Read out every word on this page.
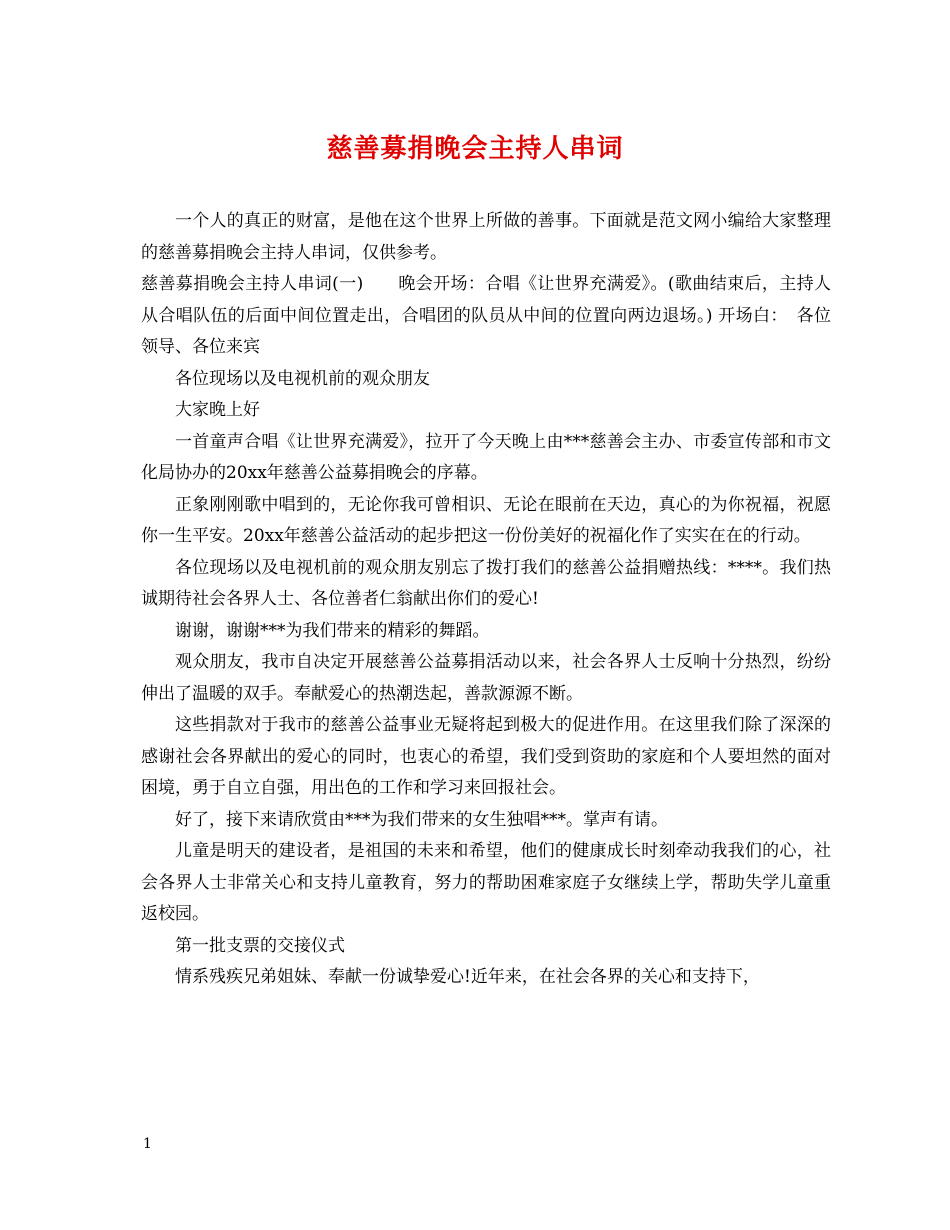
慈善募捐晚会主持人串词

一个人的真正的财富，是他在这个世界上所做的善事。下面就是范文网小编给大家整理的慈善募捐晚会主持人串词，仅供参考。

慈善募捐晚会主持人串词(一)　　晚会开场：合唱《让世界充满爱》。(歌曲结束后，主持人从合唱队伍的后面中间位置走出，合唱团的队员从中间的位置向两边退场。) 开场白：　各位领导、各位来宾

各位现场以及电视机前的观众朋友

大家晚上好

一首童声合唱《让世界充满爱》，拉开了今天晚上由***慈善会主办、市委宣传部和市文化局协办的20xx年慈善公益募捐晚会的序幕。

正象刚刚歌中唱到的，无论你我可曾相识、无论在眼前在天边，真心的为你祝福，祝愿你一生平安。20xx年慈善公益活动的起步把这一份份美好的祝福化作了实实在在的行动。

各位现场以及电视机前的观众朋友别忘了拨打我们的慈善公益捐赠热线：****。我们热诚期待社会各界人士、各位善者仁翁献出你们的爱心!

谢谢，谢谢***为我们带来的精彩的舞蹈。

观众朋友，我市自决定开展慈善公益募捐活动以来，社会各界人士反响十分热烈，纷纷伸出了温暖的双手。奉献爱心的热潮迭起，善款源源不断。

这些捐款对于我市的慈善公益事业无疑将起到极大的促进作用。在这里我们除了深深的感谢社会各界献出的爱心的同时，也衷心的希望，我们受到资助的家庭和个人要坦然的面对困境，勇于自立自强，用出色的工作和学习来回报社会。

好了，接下来请欣赏由***为我们带来的女生独唱***。掌声有请。

儿童是明天的建设者，是祖国的未来和希望，他们的健康成长时刻牵动我我们的心，社会各界人士非常关心和支持儿童教育，努力的帮助困难家庭子女继续上学，帮助失学儿童重返校园。

第一批支票的交接仪式

情系残疾兄弟姐妹、奉献一份诚挚爱心!近年来，在社会各界的关心和支持下，

1
